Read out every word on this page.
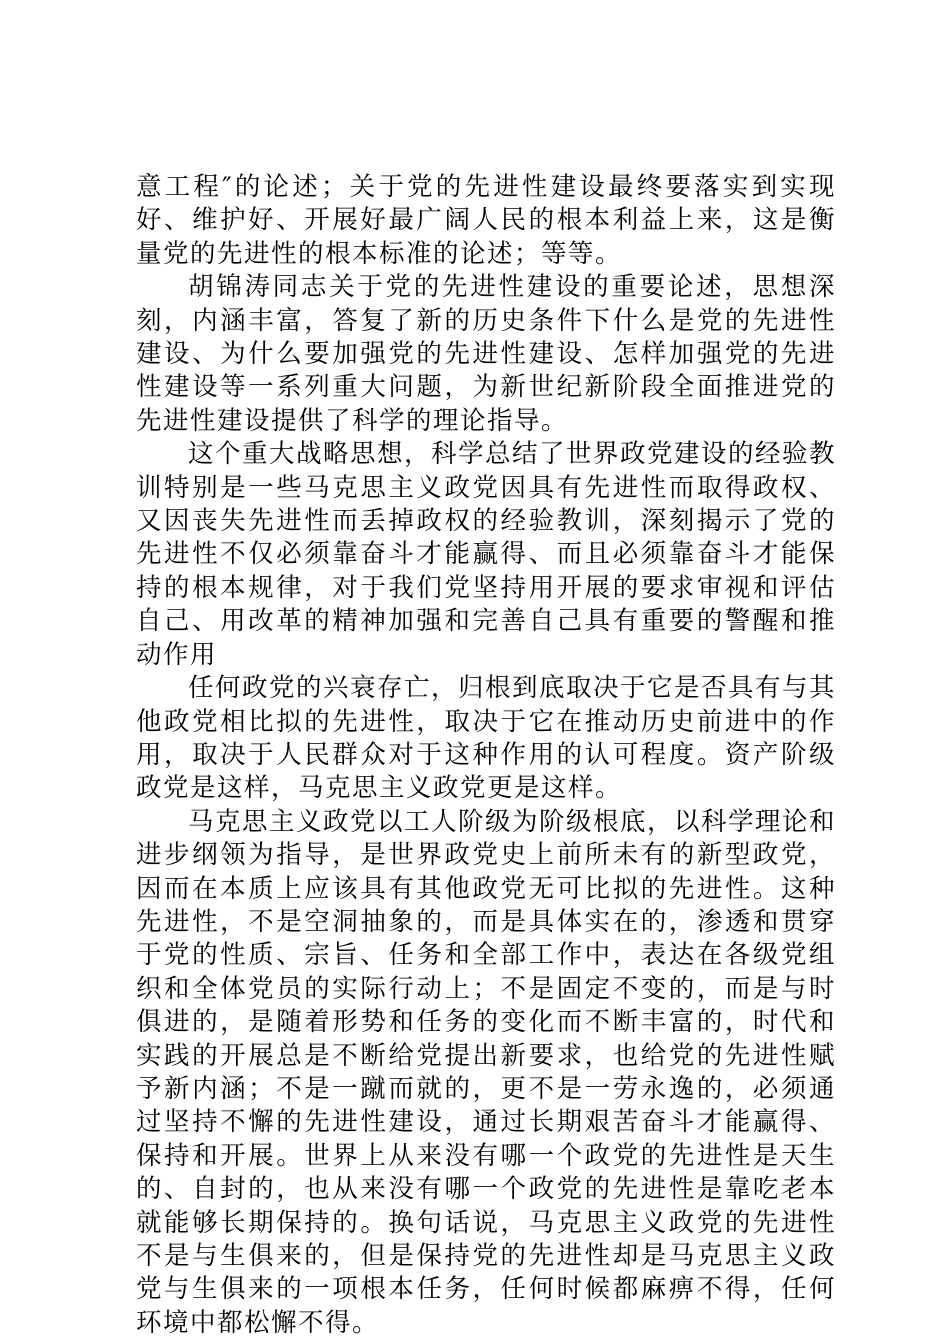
意工程″的论述；关于党的先进性建设最终要落实到实现好、维护好、开展好最广阔人民的根本利益上来，这是衡量党的先进性的根本标准的论述；等等。

胡锦涛同志关于党的先进性建设的重要论述，思想深刻，内涵丰富，答复了新的历史条件下什么是党的先进性建设、为什么要加强党的先进性建设、怎样加强党的先进性建设等一系列重大问题，为新世纪新阶段全面推进党的先进性建设提供了科学的理论指导。

这个重大战略思想，科学总结了世界政党建设的经验教训特别是一些马克思主义政党因具有先进性而取得政权、又因丧失先进性而丢掉政权的经验教训，深刻揭示了党的先进性不仅必须靠奋斗才能赢得、而且必须靠奋斗才能保持的根本规律，对于我们党坚持用开展的要求审视和评估自己、用改革的精神加强和完善自己具有重要的警醒和推动作用

任何政党的兴衰存亡，归根到底取决于它是否具有与其他政党相比拟的先进性，取决于它在推动历史前进中的作用，取决于人民群众对于这种作用的认可程度。资产阶级政党是这样，马克思主义政党更是这样。

马克思主义政党以工人阶级为阶级根底，以科学理论和进步纲领为指导，是世界政党史上前所未有的新型政党，因而在本质上应该具有其他政党无可比拟的先进性。这种先进性，不是空洞抽象的，而是具体实在的，渗透和贯穿于党的性质、宗旨、任务和全部工作中，表达在各级党组织和全体党员的实际行动上；不是固定不变的，而是与时俱进的，是随着形势和任务的变化而不断丰富的，时代和实践的开展总是不断给党提出新要求，也给党的先进性赋予新内涵；不是一蹴而就的，更不是一劳永逸的，必须通过坚持不懈的先进性建设，通过长期艰苦奋斗才能赢得、保持和开展。世界上从来没有哪一个政党的先进性是天生的、自封的，也从来没有哪一个政党的先进性是靠吃老本就能够长期保持的。换句话说，马克思主义政党的先进性不是与生俱来的，但是保持党的先进性却是马克思主义政党与生俱来的一项根本任务，任何时候都麻痹不得，任何环境中都松懈不得。
